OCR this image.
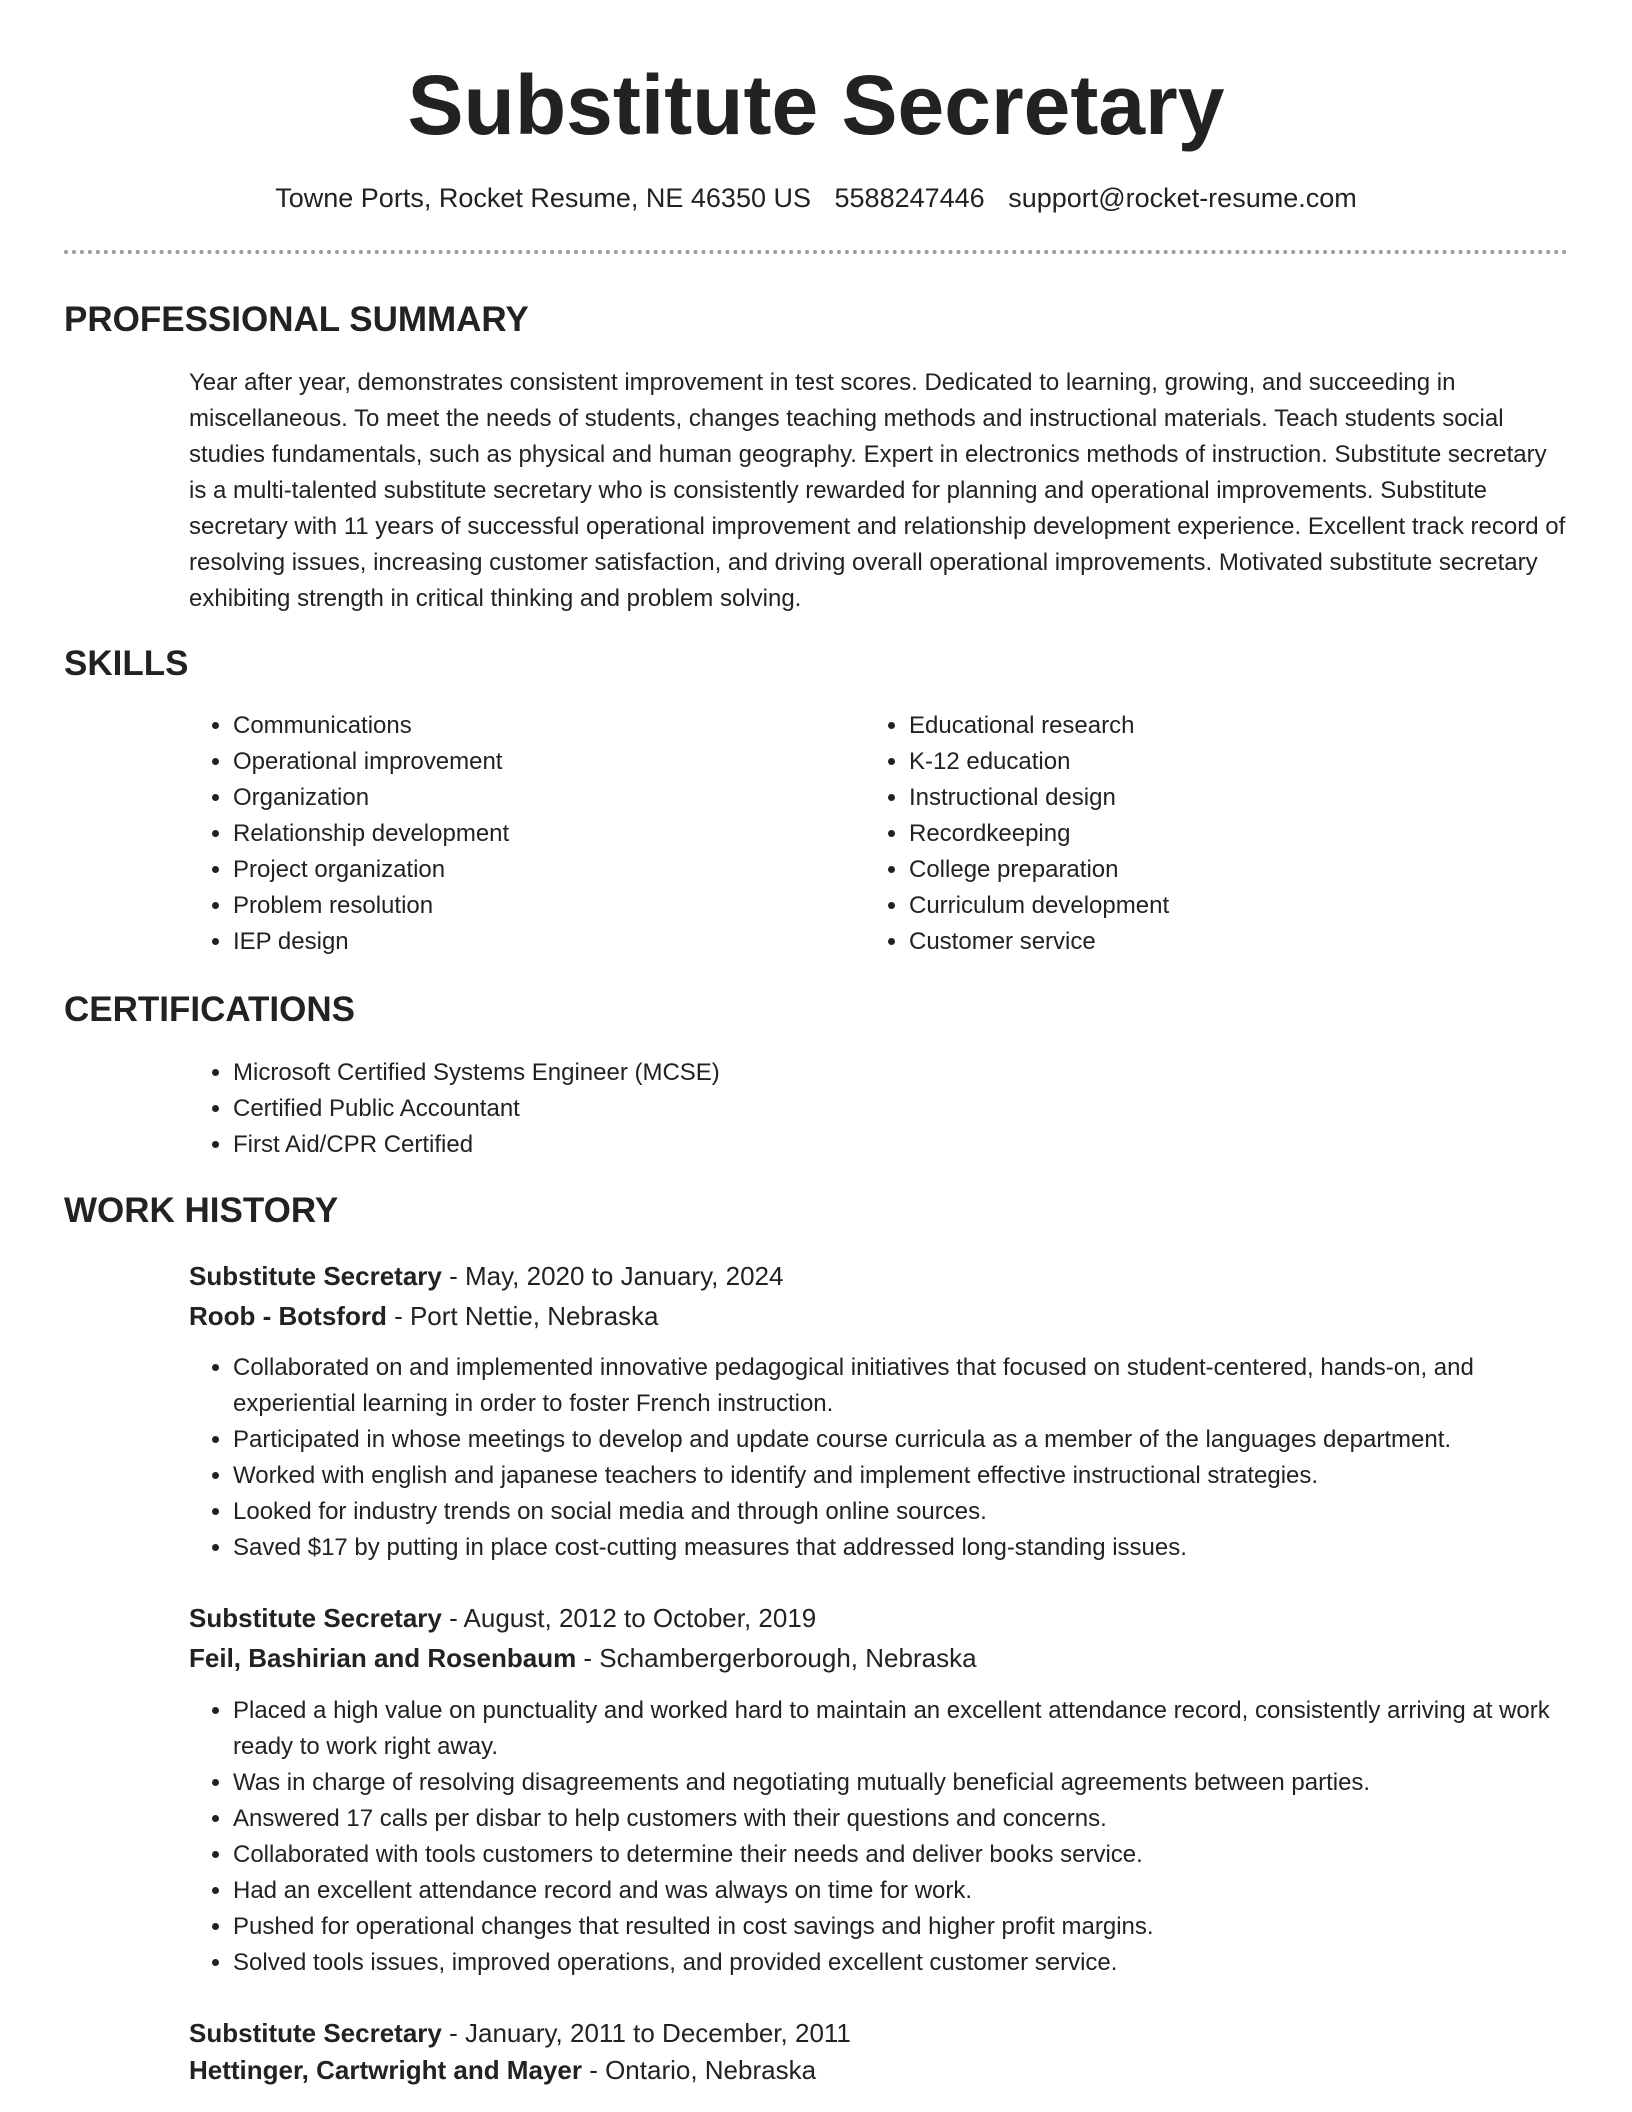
Substitute Secretary
Towne Ports, Rocket Resume, NE 46350 US 5588247446 support@rocket-resume.com
PROFESSIONAL SUMMARY

Year after year, demonstrates consistent improvement in test scores. Dedicated to learning, growing, and succeeding in miscellaneous. To meet the needs of students, changes teaching methods and instructional materials. Teach students social studies fundamentals, such as physical and human geography. Expert in electronics methods of instruction. Substitute secretary is a multi-talented substitute secretary who is consistently rewarded for planning and operational improvements. Substitute secretary with 11 years of successful operational improvement and relationship development experience. Excellent track record of resolving issues, increasing customer satisfaction, and driving overall operational improvements. Motivated substitute secretary exhibiting strength in critical thinking and problem solving.

SKILLS
• Communications
• Operational improvement
• Organization
• Relationship development
• Project organization
• Problem resolution
• IEP design
• Educational research
• K-12 education
• Instructional design
• Recordkeeping
• College preparation
• Curriculum development
• Customer service
CERTIFICATIONS
• Microsoft Certified Systems Engineer (MCSE)
• Certified Public Accountant
• First Aid/CPR Certified
WORK HISTORY
Substitute Secretary - May, 2020 to January, 2024
Roob - Botsford - Port Nettie, Nebraska
• Collaborated on and implemented innovative pedagogical initiatives that focused on student-centered, hands-on, and experiential learning in order to foster French instruction.
• Participated in whose meetings to develop and update course curricula as a member of the languages department.
• Worked with english and japanese teachers to identify and implement effective instructional strategies.
• Looked for industry trends on social media and through online sources.
• Saved $17 by putting in place cost-cutting measures that addressed long-standing issues.
Substitute Secretary - August, 2012 to October, 2019
Feil, Bashirian and Rosenbaum - Schambergerborough, Nebraska
• Placed a high value on punctuality and worked hard to maintain an excellent attendance record, consistently arriving at work ready to work right away.
• Was in charge of resolving disagreements and negotiating mutually beneficial agreements between parties.
• Answered 17 calls per disbar to help customers with their questions and concerns.
• Collaborated with tools customers to determine their needs and deliver books service.
• Had an excellent attendance record and was always on time for work.
• Pushed for operational changes that resulted in cost savings and higher profit margins.
• Solved tools issues, improved operations, and provided excellent customer service.
Substitute Secretary - January, 2011 to December, 2011
Hettinger, Cartwright and Mayer - Ontario, Nebraska
